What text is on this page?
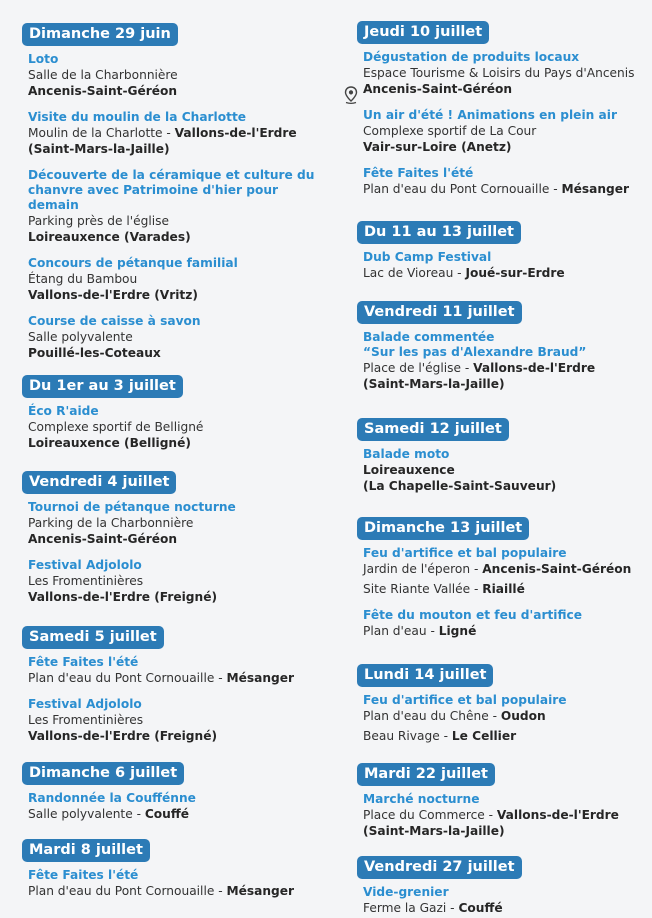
Dimanche 29 juin
Loto
Salle de la Charbonnière
Ancenis-Saint-Géréon
Visite du moulin de la Charlotte
Moulin de la Charlotte - Vallons-de-l'Erdre
(Saint-Mars-la-Jaille)
Découverte de la céramique et culture du chanvre avec Patrimoine d'hier pour demain
Parking près de l'église
Loireauxence (Varades)
Concours de pétanque familial
Étang du Bambou
Vallons-de-l'Erdre (Vritz)
Course de caisse à savon
Salle polyvalente
Pouillé-les-Coteaux
Du 1er au 3 juillet
Éco R'aide
Complexe sportif de Belligné
Loireauxence (Belligné)
Vendredi 4 juillet
Tournoi de pétanque nocturne
Parking de la Charbonnière
Ancenis-Saint-Géréon
Festival Adjololo
Les Fromentinières
Vallons-de-l'Erdre (Freigné)
Samedi 5 juillet
Fête Faites l'été
Plan d'eau du Pont Cornouaille - Mésanger
Festival Adjololo
Les Fromentinières
Vallons-de-l'Erdre (Freigné)
Dimanche 6 juillet
Randonnée la Couffénne
Salle polyvalente - Couffé
Mardi 8 juillet
Fête Faites l'été
Plan d'eau du Pont Cornouaille - Mésanger
Jeudi 10 juillet
Dégustation de produits locaux
Espace Tourisme & Loisirs du Pays d'Ancenis
Ancenis-Saint-Géréon
Un air d'été ! Animations en plein air
Complexe sportif de La Cour
Vair-sur-Loire (Anetz)
Fête Faites l'été
Plan d'eau du Pont Cornouaille - Mésanger
Du 11 au 13 juillet
Dub Camp Festival
Lac de Vioreau - Joué-sur-Erdre
Vendredi 11 juillet
Balade commentée
“Sur les pas d'Alexandre Braud”
Place de l'église - Vallons-de-l'Erdre
(Saint-Mars-la-Jaille)
Samedi 12 juillet
Balade moto
Loireauxence
(La Chapelle-Saint-Sauveur)
Dimanche 13 juillet
Feu d'artifice et bal populaire
Jardin de l'éperon - Ancenis-Saint-Géréon
Site Riante Vallée - Riaillé
Fête du mouton et feu d'artifice
Plan d'eau - Ligné
Lundi 14 juillet
Feu d'artifice et bal populaire
Plan d'eau du Chêne - Oudon
Beau Rivage - Le Cellier
Mardi 22 juillet
Marché nocturne
Place du Commerce - Vallons-de-l'Erdre
(Saint-Mars-la-Jaille)
Vendredi 27 juillet
Vide-grenier
Ferme la Gazi - Couffé
